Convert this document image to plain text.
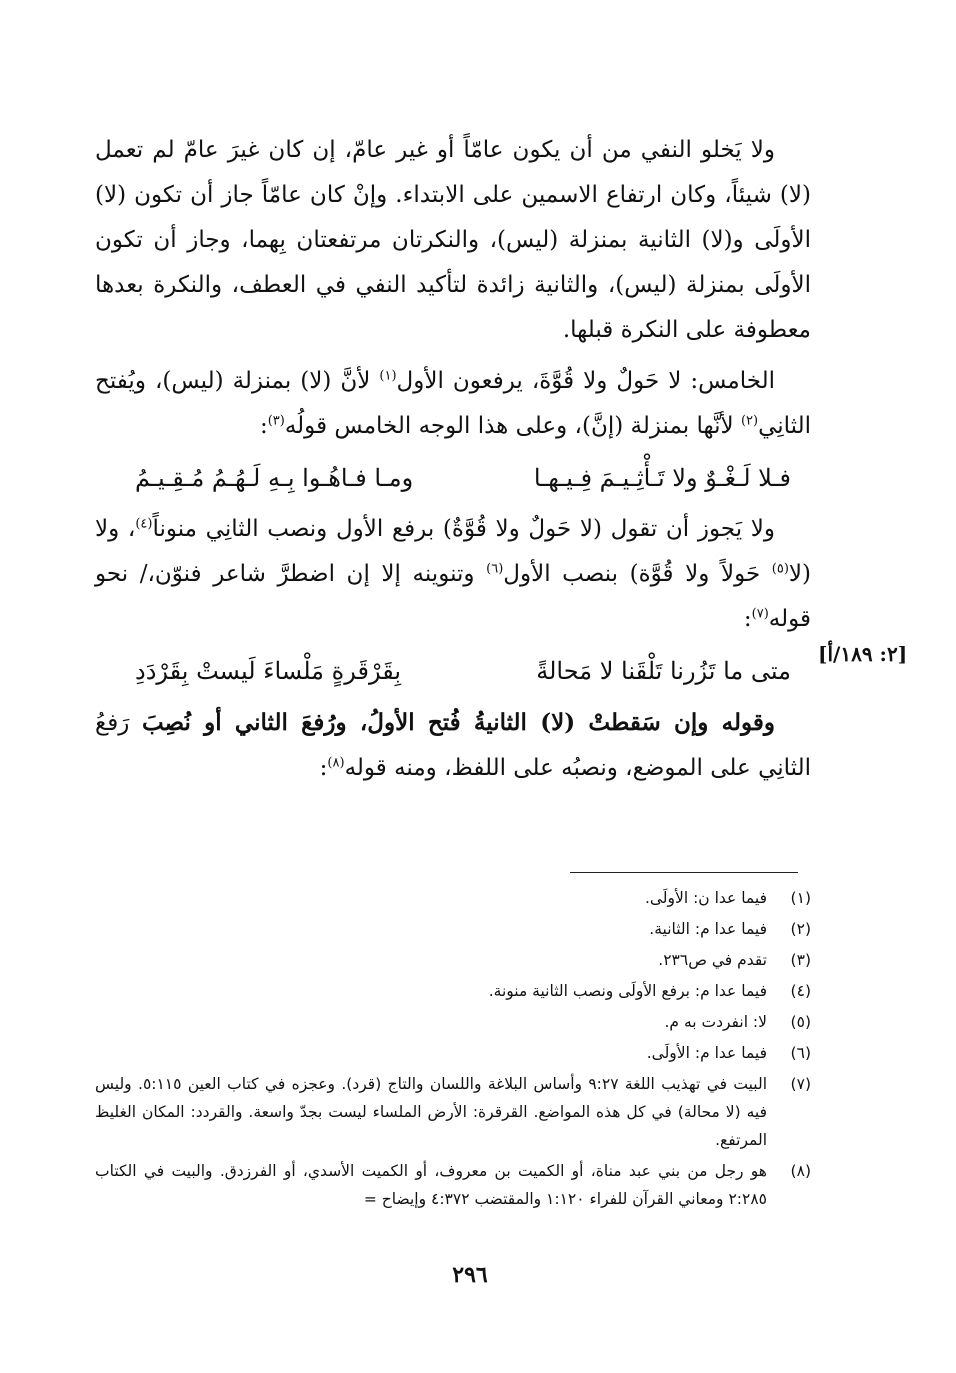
ولا يَخلو النفي من أن يكون عامّاً أو غير عامّ، إن كان غيرَ عامّ لم تعمل (لا) شيئاً، وكان ارتفاع الاسمين على الابتداء. وإنْ كان عامّاً جاز أن تكون (لا) الأولَى و(لا) الثانية بمنزلة (ليس)، والنكرتان مرتفعتان بِهما، وجاز أن تكون الأولَى بمنزلة (ليس)، والثانية زائدة لتأكيد النفي في العطف، والنكرة بعدها معطوفة على النكرة قبلها.

الخامس: لا حَولٌ ولا قُوَّةَ، يرفعون الأول$^{(١)}$ لأنَّ (لا) بمنزلة (ليس)، ويُفتح الثانِي$^{(٢)}$ لأنَّها بمنزلة (إنَّ)، وعلى هذا الوجه الخامس قولُه$^{(٣)}$:

فـلا لَـغْـوٌ ولا تَـأْثِـيـمَ فِـيـهـا
ومـا فـاهُـوا بِـهِ لَـهُـمُ مُـقِـيـمُ

ولا يَجوز أن تقول (لا حَولٌ ولا قُوَّةٌ) برفع الأول ونصب الثانِي منوناً$^{(٤)}$، ولا (لا$^{(٥)}$ حَولاً ولا قُوَّة) بنصب الأول$^{(٦)}$ وتنوينه إلا إن اضطرَّ شاعر فنوّن،/ نحو قوله$^{(٧)}$:

متى ما تَزُرنا تَلْقَنا لا مَحالةً
بِقَرْقَرةٍ مَلْساءَ لَيستْ بِقَرْدَدِ

وقوله وإن سَقطتْ (لا) الثانيةُ فُتح الأولُ، ورُفعَ الثاني أو نُصِبَ رَفعُ الثانِي على الموضع، ونصبُه على اللفظ، ومنه قوله$^{(٨)}$:

[٢: ١٨٩/أ]
(١)
فيما عدا ن: الأولَى.
(٢)
فيما عدا م: الثانية.
(٣)
تقدم في ص٢٣٦.
(٤)
فيما عدا م: برفع الأولَى ونصب الثانية منونة.
(٥)
لا: انفردت به م.
(٦)
فيما عدا م: الأولَى.
(٧)
البيت في تهذيب اللغة ٩:٢٧ وأساس البلاغة واللسان والتاج (قرد). وعجزه في كتاب العين ٥:١١٥. وليس فيه (لا محالة) في كل هذه المواضع. القرقرة: الأرض الملساء ليست بجدّ واسعة. والقردد: المكان الغليظ المرتفع.
(٨)
هو رجل من بني عبد مناة، أو الكميت بن معروف، أو الكميت الأسدي، أو الفرزدق. والبيت في الكتاب ٢:٢٨٥ ومعاني القرآن للفراء ١:١٢٠ والمقتضب ٤:٣٧٢ وإيضاح =
٢٩٦
